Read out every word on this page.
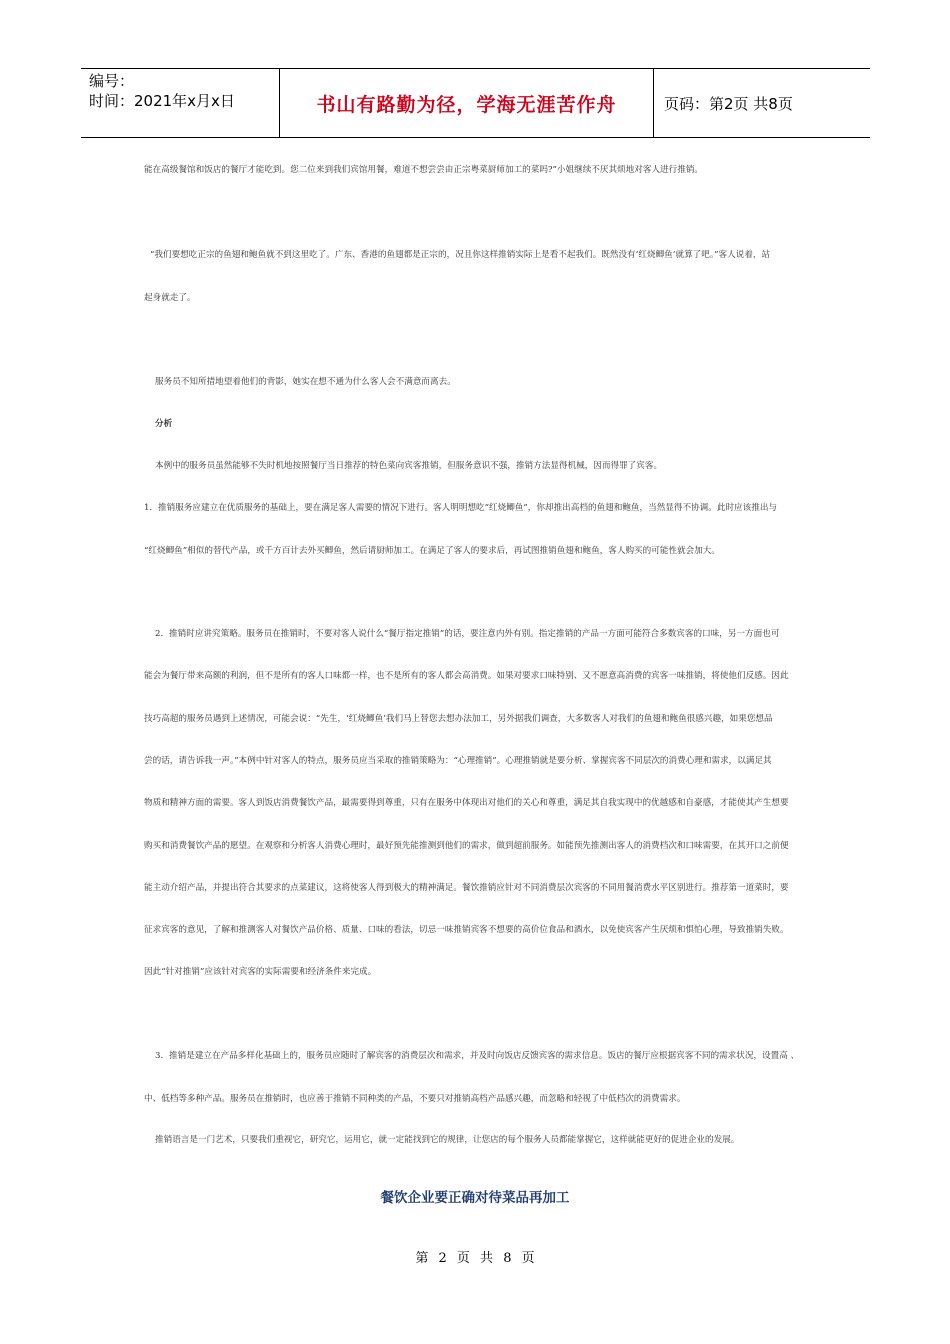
编号：
时间：2021年x月x日	书山有路勤为径，学海无涯苦作舟	页码：第2页 共8页
能在高级餐馆和饭店的餐厅才能吃到。您二位来到我们宾馆用餐，难道不想尝尝由正宗粤菜厨师加工的菜吗?”小姐继续不厌其烦地对客人进行推销。
“我们要想吃正宗的鱼翅和鲍鱼就不到这里吃了。广东、香港的鱼翅都是正宗的，况且你这样推销实际上是看不起我们。既然没有‘红烧鲫鱼’就算了吧。”客人说着，站
起身就走了。
服务员不知所措地望着他们的背影，她实在想不通为什么客人会不满意而离去。
分析
本例中的服务员虽然能够不失时机地按照餐厅当日推荐的特色菜向宾客推销，但服务意识不强，推销方法显得机械，因而得罪了宾客。
1．推销服务应建立在优质服务的基础上，要在满足客人需要的情况下进行。客人明明想吃“红烧鲫鱼”，你却推出高档的鱼翅和鲍鱼，当然显得不协调。此时应该推出与
“红烧鲫鱼”相似的替代产品，或千方百计去外买鲫鱼，然后请厨师加工。在满足了客人的要求后，再试图推销鱼翅和鲍鱼，客人购买的可能性就会加大。
2．推销时应讲究策略。服务员在推销时，不要对客人说什么“餐厅指定推销”的话，要注意内外有别。指定推销的产品一方面可能符合多数宾客的口味，另一方面也可
能会为餐厅带来高额的利润，但不是所有的客人口味都一样，也不是所有的客人都会高消费。如果对要求口味特别、又不愿意高消费的宾客一味推销，将使他们反感。因此
技巧高超的服务员遇到上述情况，可能会说：“先生，‘红烧鲫鱼’我们马上替您去想办法加工，另外据我们调查，大多数客人对我们的鱼翅和鲍鱼很感兴趣，如果您想品
尝的话，请告诉我一声。”本例中针对客人的特点，服务员应当采取的推销策略为：“心理推销”。心理推销就是要分析、掌握宾客不同层次的消费心理和需求，以满足其
物质和精神方面的需要。客人到饭店消费餐饮产品，最需要得到尊重，只有在服务中体现出对他们的关心和尊重，满足其自我实现中的优越感和自豪感，才能使其产生想要
购买和消费餐饮产品的愿望。在观察和分析客人消费心理时，最好预先能推测到他们的需求，做到超前服务。如能预先推测出客人的消费档次和口味需要，在其开口之前便
能主动介绍产品，并提出符合其要求的点菜建议，这将使客人得到极大的精神满足。餐饮推销应针对不同消费层次宾客的不同用餐消费水平区别进行。推荐第一道菜时，要
征求宾客的意见，了解和推测客人对餐饮产品价格、质量、口味的看法，切忌一味推销宾客不想要的高价位食品和酒水，以免使宾客产生厌烦和惧怕心理，导致推销失败。
因此“针对推销”应该针对宾客的实际需要和经济条件来完成。
3．推销是建立在产品多样化基础上的，服务员应随时了解宾客的消费层次和需求，并及时向饭店反馈宾客的需求信息。饭店的餐厅应根据宾客不同的需求状况，设置高 、
中、低档等多种产品。服务员在推销时，也应善于推销不同种类的产品，不要只对推销高档产品感兴趣，而忽略和轻视了中低档次的消费需求。
推销语言是一门艺术，只要我们重视它，研究它，运用它，就一定能找到它的规律，让您店的每个服务人员都能掌握它，这样就能更好的促进企业的发展。
餐饮企业要正确对待菜品再加工
第 2 页 共 8 页
